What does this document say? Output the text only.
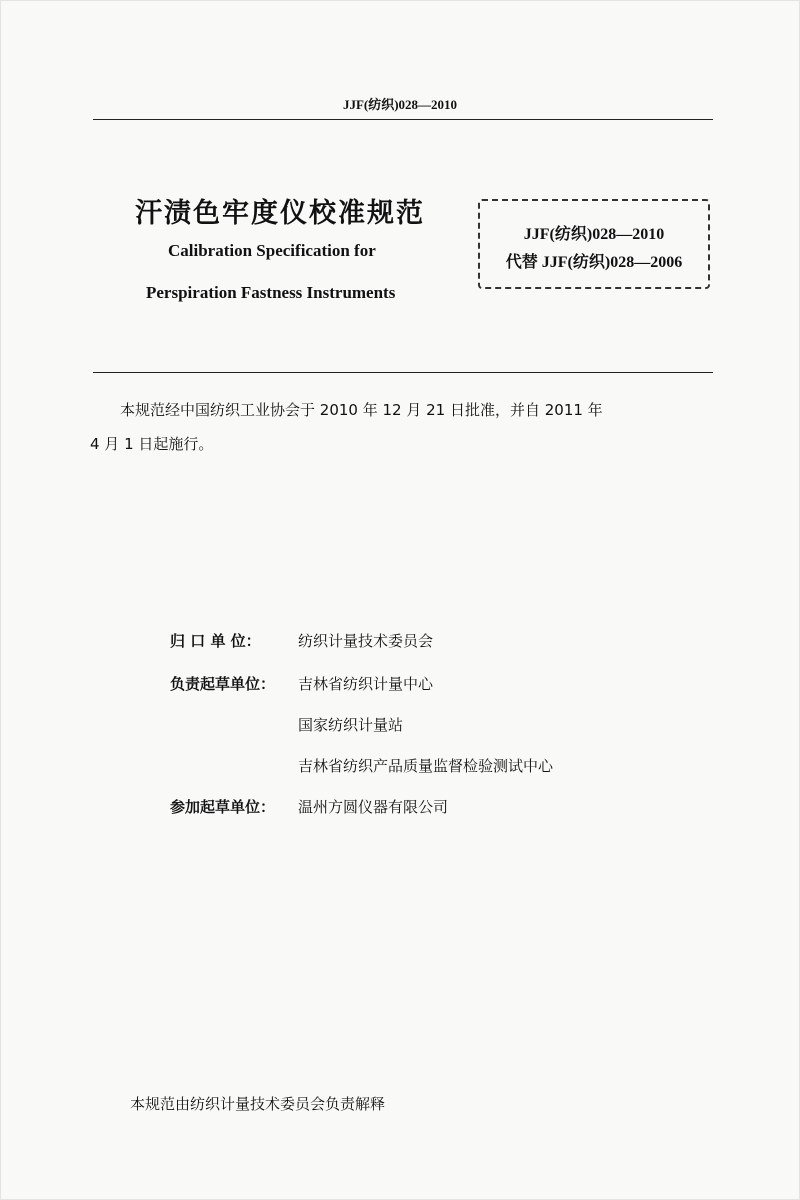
JJF(纺织)028—2010
汗渍色牢度仪校准规范
Calibration Specification for
Perspiration Fastness Instruments
JJF(纺织)028—2010
代替 JJF(纺织)028—2006

本规范经中国纺织工业协会于 2010 年 12 月 21 日批准，并自 2011 年

4 月 1 日起施行。

归 口 单 位： 纺织计量技术委员会
负责起草单位： 吉林省纺织计量中心
国家纺织计量站
吉林省纺织产品质量监督检验测试中心
参加起草单位： 温州方圆仪器有限公司
本规范由纺织计量技术委员会负责解释
